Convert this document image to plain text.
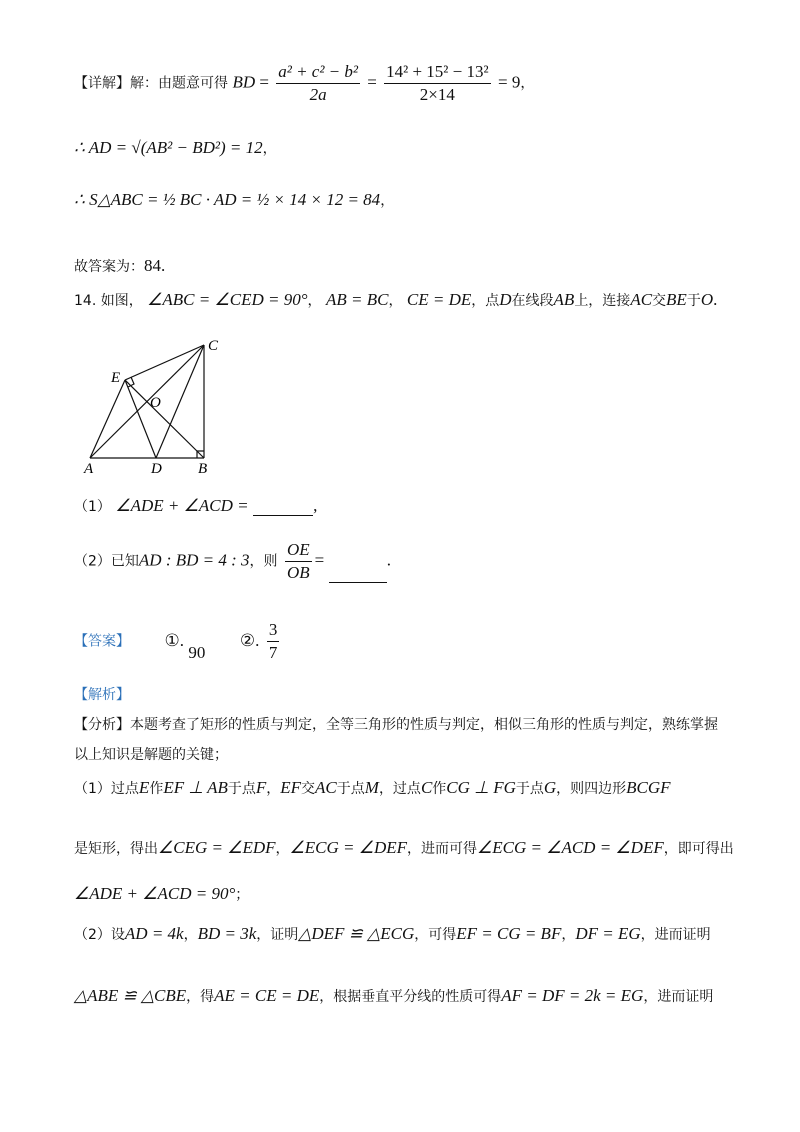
【详解】解：由题意可得 BD = $\frac{\text{a² + c² − b²}}{2a} = \frac{\text{14² + 15² − 13²}}{2\times 14} = 9$，
∴ AD = √(AB² − BD²) = 12，
∴ S△ABC = ½ BC · AD = ½ × 14 × 12 = 84，
故答案为：84.
14. 如图， ∠ABC = ∠CED = 90°， AB = BC， CE = DE，点D在线段AB上，连接AC交BE于O.
C
E
O
A	D B
（1） ∠ADE + ∠ACD =	,
（2）已知AD : BD = 4 : 3，则 $\frac{OE}{OB}$ =	.
【答案】 ①. 90 ②. $\frac{3}{7}$
【解析】
【分析】本题考查了矩形的性质与判定，全等三角形的性质与判定，相似三角形的性质与判定，熟练掌握
以上知识是解题的关键；
（1）过点E作EF ⊥ AB于点F，EF交AC于点M，过点C作CG ⊥ FG于点G，则四边形BCGF
是矩形，得出∠CEG = ∠EDF，∠ECG = ∠DEF，进而可得∠ECG = ∠ACD = ∠DEF，即可得出
∠ADE + ∠ACD = 90°；
（2）设AD = 4k，BD = 3k，证明△DEF ≌ △ECG，可得EF = CG = BF，DF = EG，进而证明
△ABE ≌ △CBE，得AE = CE = DE，根据垂直平分线的性质可得AF = DF = 2k = EG，进而证明
